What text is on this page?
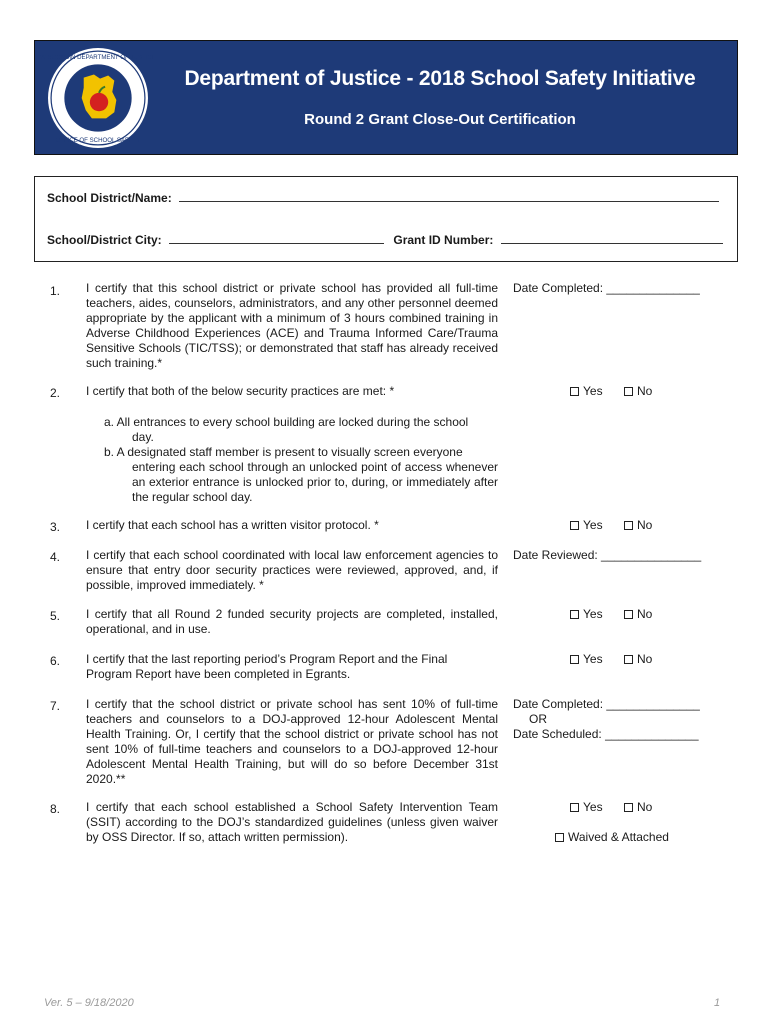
WISCONSIN DEPARTMENT OF JUSTICE
OFFICE OF SCHOOL SAFETY
Department of Justice - 2018 School Safety Initiative
Round 2 Grant Close-Out Certification
School District/Name:
School/District City:	Grant ID Number:
1. I certify that this school district or private school has provided all full-time teachers, aides, counselors, administrators, and any other personnel deemed appropriate by the applicant with a minimum of 3 hours combined training in Adverse Childhood Experiences (ACE) and Trauma Informed Care/Trauma Sensitive Schools (TIC/TSS); or demonstrated that staff has already received such training.*
Date Completed: ______________
2. I certify that both of the below security practices are met: *	Yes	No
a. All entrances to every school building are locked during the school
day.
b. A designated staff member is present to visually screen everyone
entering each school through an unlocked point of access whenever an exterior entrance is unlocked prior to, during, or immediately after the regular school day.
3. I certify that each school has a written visitor protocol. *	Yes	No
4. I certify that each school coordinated with local law enforcement agencies to ensure that entry door security practices were reviewed, approved, and, if possible, improved immediately. *
Date Reviewed: _______________
5. I certify that all Round 2 funded security projects are completed, installed, operational, and in use.
Yes	No
6. I certify that the last reporting period’s Program Report and the Final Program Report have been completed in Egrants.
Yes	No
7. I certify that the school district or private school has sent 10% of full-time teachers and counselors to a DOJ-approved 12-hour Adolescent Mental Health Training. Or, I certify that the school district or private school has not sent 10% of full-time teachers and counselors to a DOJ-approved 12-hour Adolescent Mental Health Training, but will do so before December 31st 2020.**
Date Completed: ______________
OR
Date Scheduled: ______________
8. I certify that each school established a School Safety Intervention Team (SSIT) according to the DOJ’s standardized guidelines (unless given waiver by OSS Director. If so, attach written permission).
Yes	No
Waived & Attached
Ver. 5 – 9/18/2020	1
